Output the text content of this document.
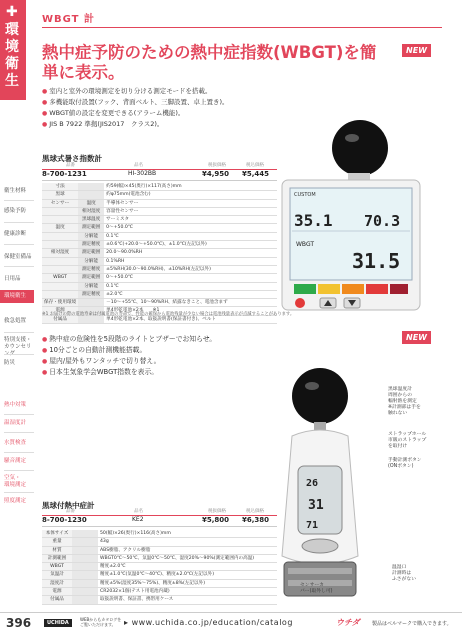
✚
環境衛生
衛生材料
感染予防
健康診断
保健室備品
日用品
環境衛生
救急処置
特別支援・
カウンセリ
防災
熱中対策
温湿度計
水質検査
騒音測定
空気・
環境測定
照度測定
WBGT 計
熱中症予防のための熱中症指数(WBGT)を簡単に表示。
NEW
● 室内と室外の環境測定を切り分ける測定モードを搭載。
● 多機能取付設置(フック、背面ベルト、三脚設置、卓上置き)。
● WBGT値の設定を変更できる(アラーム機能)。
● JIS B 7922 準拠(JIS2017　クラス2)。
CUSTOM
35.1 70.3
WBGT
31.5
黒球式暑さ指数計
品番	品名	税抜価格	税込価格
8-700-1231	HI-302BB	¥4,950 ¥5,445
寸法		約59(幅)×45(奥行)×117(高さ)mm
黒球		約φ75mm(電池含む)
センサー	温度	半導体センサー
	相対湿度	容量性センサー
	黒球温度	サーミスタ
温度	測定範囲	0～+50.0℃
	分解能	0.1℃
	測定精度	±0.6℃(+20.0～+50.0℃)、±1.0℃(左記以外)
相対湿度	測定範囲	20.0～90.0%RH
	分解能	0.1%RH
	測定精度	±5%RH(30.0～90.0%RH)、±10%RH(左記以外)
WBGT	測定範囲	0～+50.0℃
	分解能	0.1℃
	測定精度	±2.0℃
保存・使用環境		－10～+55℃、10～90%RH、結露なきこと、電池含まず
電源		単4形乾電池×2本　　※1
付属品		単4形乾電池×2本、取扱説明書(保証書付き)、ベルト
※1 お届けの際の電池寿命は付属電池の寿命で、性能の確保から電池残量が少ない場合は電池残量表示が点滅することがあります。
NEW
● 熱中症の危険性を5段階のライトとブザーでお知らせ。
● 10分ごとの自動計測機能搭載。
● 屋内/屋外もワンタッチで切り替え。
● 日本生気象学会WBGT指数を表示。
26
31
71
黒球温度計
周囲からの
輻射熱を測定
※計測部は手を
触れない
ストラップホール
市販のストラップ
を取付け
手動計測ボタン
(ONボタン)
温湿口
計測時は
ふさがない
センサーカ
バー(取外し可)
黒球付熱中症計
品番	品名	税抜価格	税込価格
8-700-1230	KE2	¥5,800 ¥6,380
本体サイズ		50(幅)×26(奥行)×116(高さ)mm
重量		43g
材質		ABS樹脂、アクリル樹脂
計測範囲		WBGT0℃～50℃、気温0℃～50℃、湿度20%～90%(測定範囲内の高温)
WBGT		精度±2.0℃
気温計		精度±1.0℃(気温0℃～40℃)、精度±2.0℃(左記以外)
湿度計		精度±5%(湿度35%～75%)、精度±8%(左記以外)
電源		CR2032×1個(テスト用電池内蔵)
付属品		取扱説明書、保証書、携帯用ケース
396	UCHIDA
WEBからもカタログを
ご覧いただけます。	▸ www.uchida.co.jp/education/catalog	ウチダ 製品はベルマークで購入できます。
